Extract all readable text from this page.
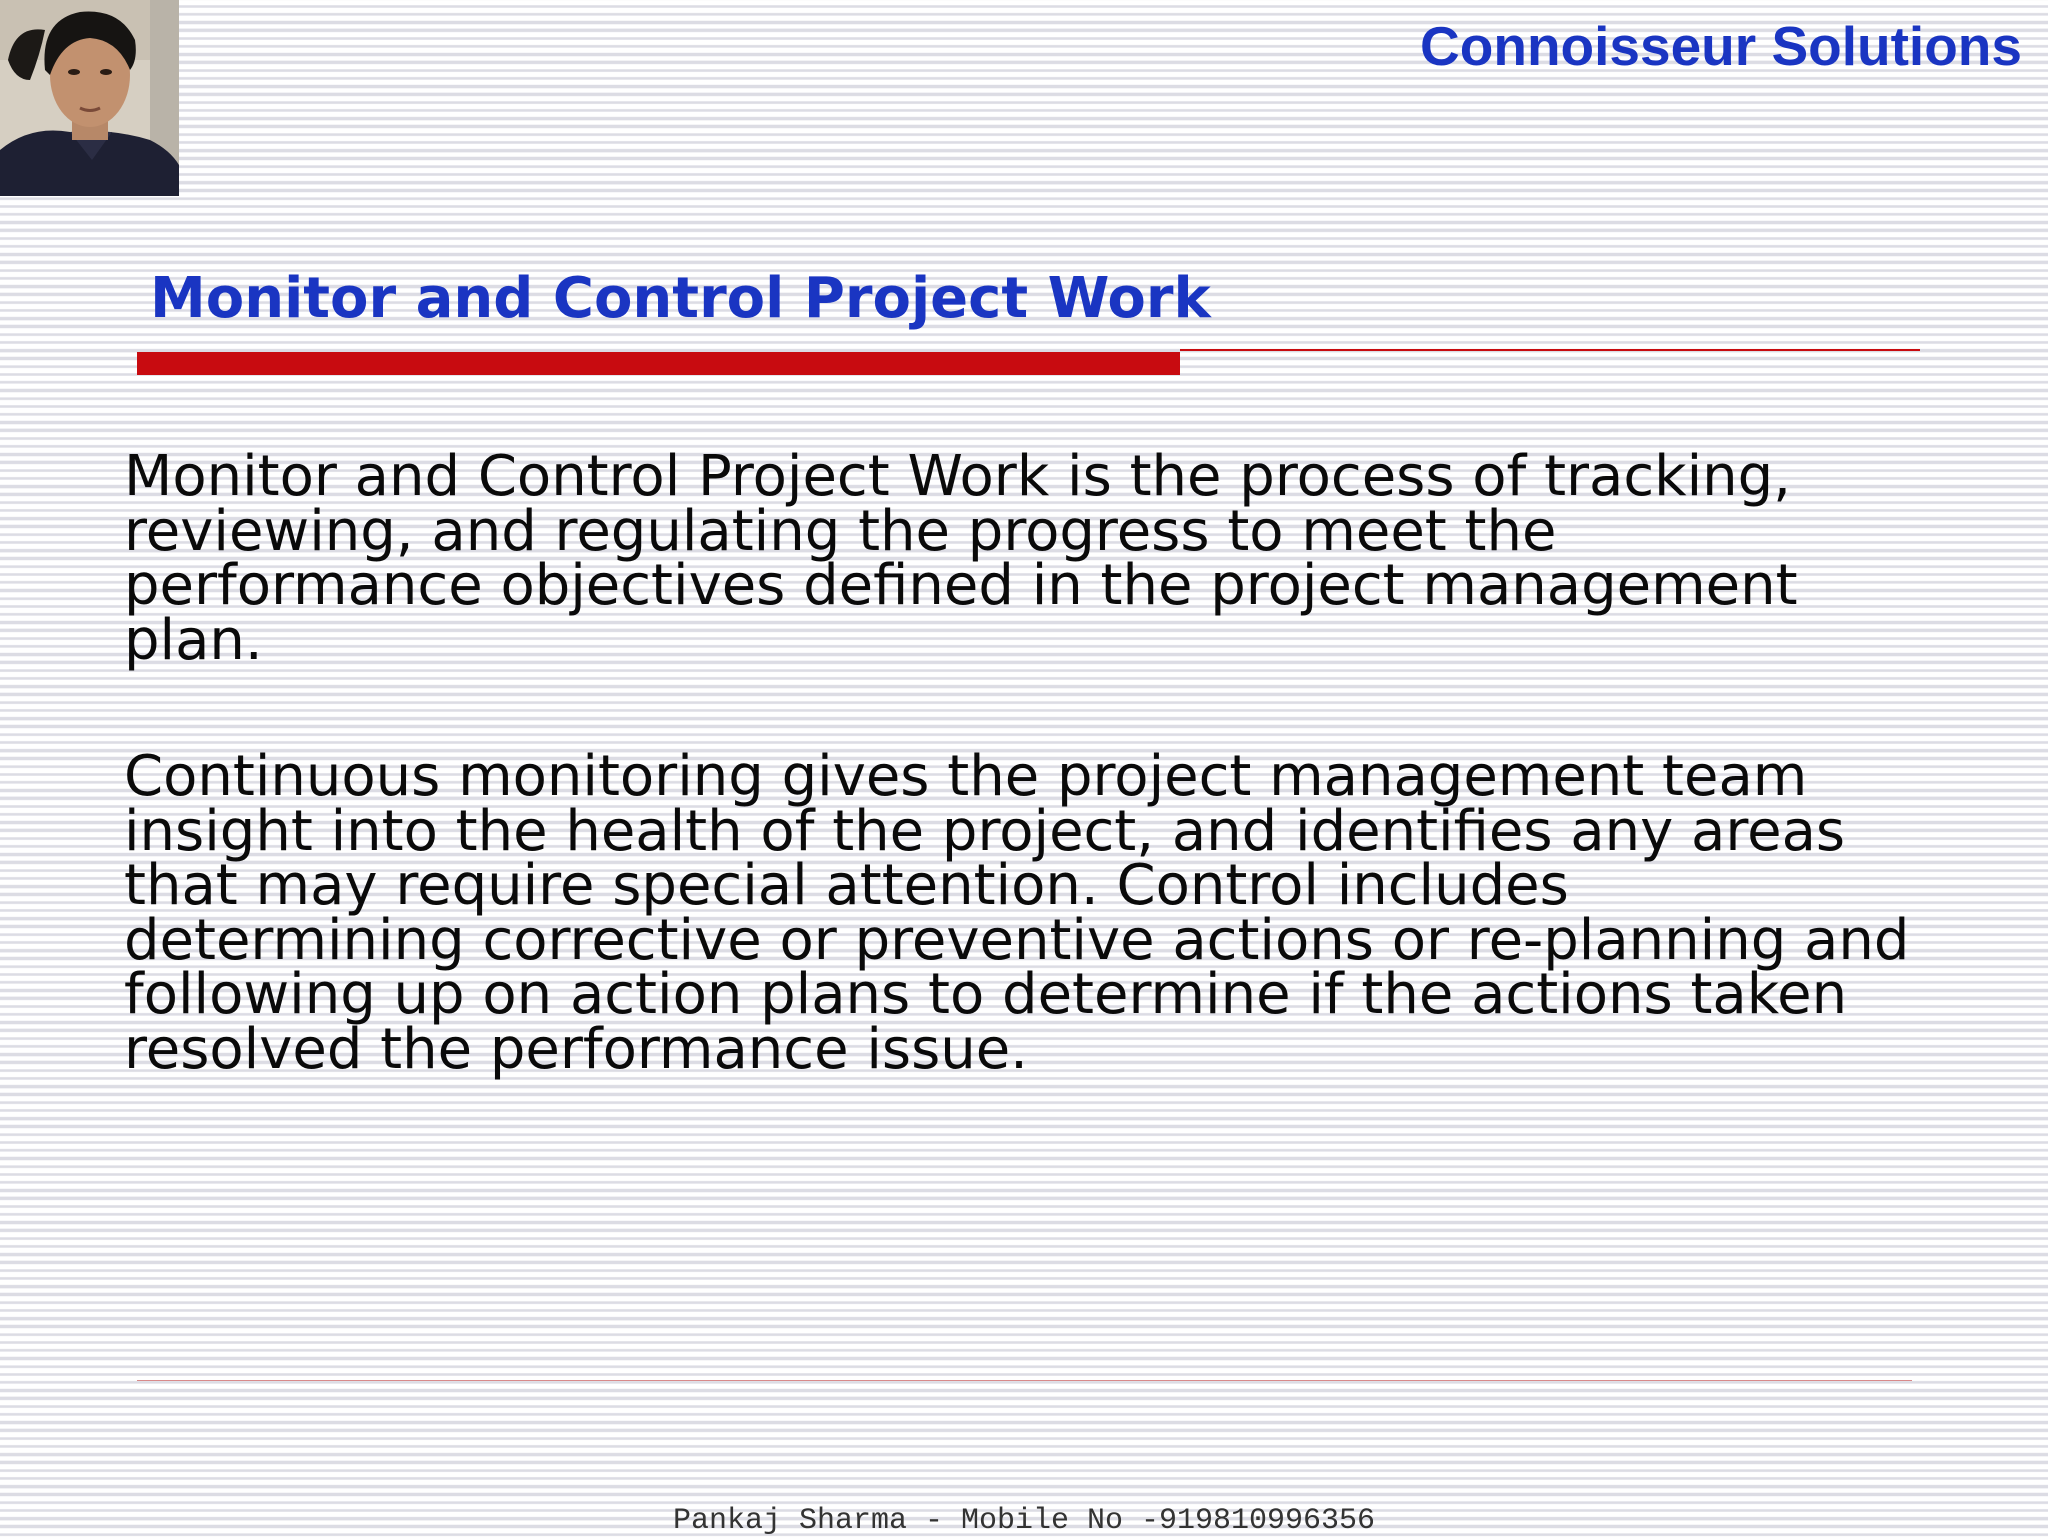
Connoisseur Solutions
Monitor and Control Project Work

Monitor and Control Project Work is the process of tracking, reviewing, and regulating the progress to meet the performance objectives defined in the project management plan.

Continuous monitoring gives the project management team insight into the health of the project, and identifies any areas that may require special attention. Control includes determining corrective or preventive actions or re-planning and following up on action plans to determine if the actions taken resolved the performance issue.

Pankaj Sharma - Mobile No -919810996356
